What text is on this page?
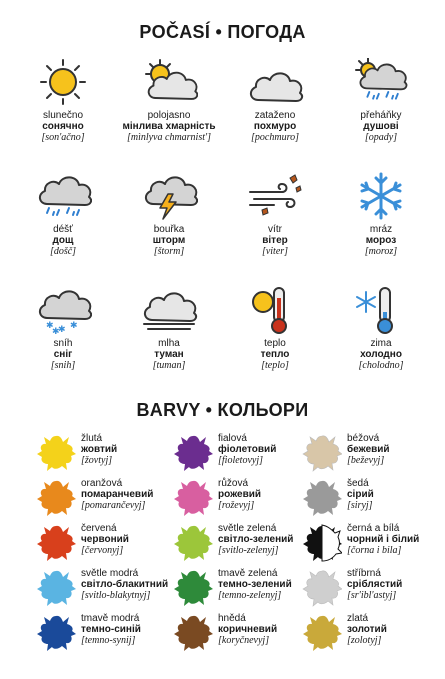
POČASÍ • ПОГОДА
slunečno
сонячно
[son'ačno]
polojasno
мінлива хмарність
[mìnlyva chmarnist']
zataženo
похмуро
[pochmuro]
přeháňky
душові
[opady]
déšť
дощ
[došč]
bouřka
шторм
[štorm]
vítr
вітер
[viter]
mráz
мороз
[moroz]
✱ ✱ ✱
✱
sníh
сніг
[snih]
mlha
туман
[tuman]
teplo
тепло
[teplo]
zima
холодно
[cholodno]
BARVY • КОЛЬОРИ
žlutá
жовтий
[žovtyj]
fialová
фіолетовий
[fioletovyj]
béžová
бежевий
[beževyj]
oranžová
помаранчевий
[pomarančevyj]
růžová
рожевий
[roževyj]
šedá
сірий
[siryj]
červená
червоний
[červonyj]
světle zelená
світло-зелений
[svitlo-zelenyj]
černá a bílá
чорний і білий
[čorna i bila]
světle modrá
світло-блакитний
[svitlo-blakytnyj]
tmavě zelená
темно-зелений
[temno-zelenyj]
stříbrná
сріблястий
[sr'ibl'astyj]
tmavě modrá
темно-синій
[temno-synij]
hnědá
коричневий
[koryčnevyj]
zlatá
золотий
[zolotyj]
